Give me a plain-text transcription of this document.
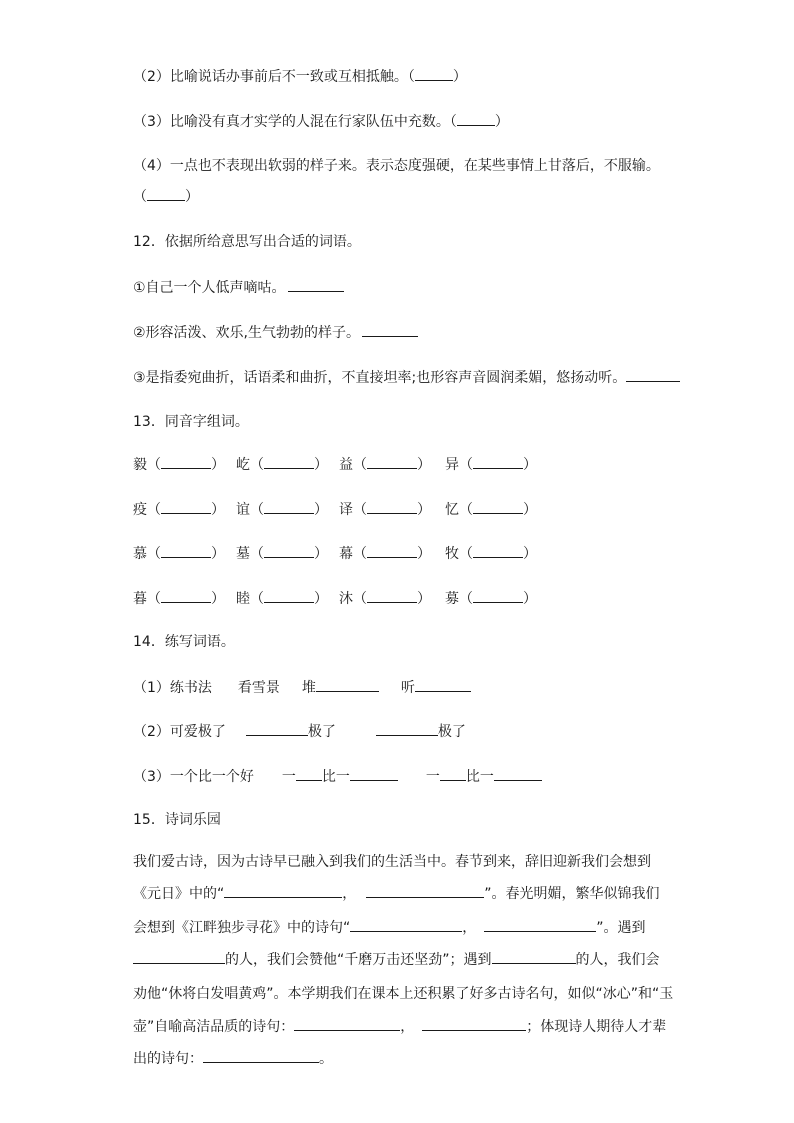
（2）比喻说话办事前后不一致或互相抵触。（	）
（3）比喻没有真才实学的人混在行家队伍中充数。（	）
（4）一点也不表现出软弱的样子来。表示态度强硬，在某些事情上甘落后，不服输。
（	）
12．依据所给意思写出合适的词语。
①自己一个人低声嘀咕。
②形容活泼、欢乐,生气勃勃的样子。
③是指委宛曲折，话语柔和曲折，不直接坦率;也形容声音圆润柔媚，悠扬动听。
13．同音字组词。
毅（	） 屹（	） 益（	） 异（	）
疫（	） 谊（	） 译（	） 忆（	）
慕（	） 墓（	） 幕（	） 牧（	）
暮（	） 睦（	） 沐（	） 募（	）
14．练写词语。
（1）练书法 看雪景 堆	听
（2）可爱极了	极了	极了
（3）一个比一个好 一 比一	一 比一
15．诗词乐园
我们爱古诗，因为古诗早已融入到我们的生活当中。春节到来，辞旧迎新我们会想到
《元日》中的“	，	”。春光明媚，繁华似锦我们
会想到《江畔独步寻花》中的诗句“	，	”。遇到
的人，我们会赞他“千磨万击还坚劲”；遇到	的人，我们会
劝他“休将白发唱黄鸡”。本学期我们在课本上还积累了好多古诗名句，如似“冰心”和“玉
壶”自喻高洁品质的诗句：	，	；体现诗人期待人才辈
出的诗句：	。
